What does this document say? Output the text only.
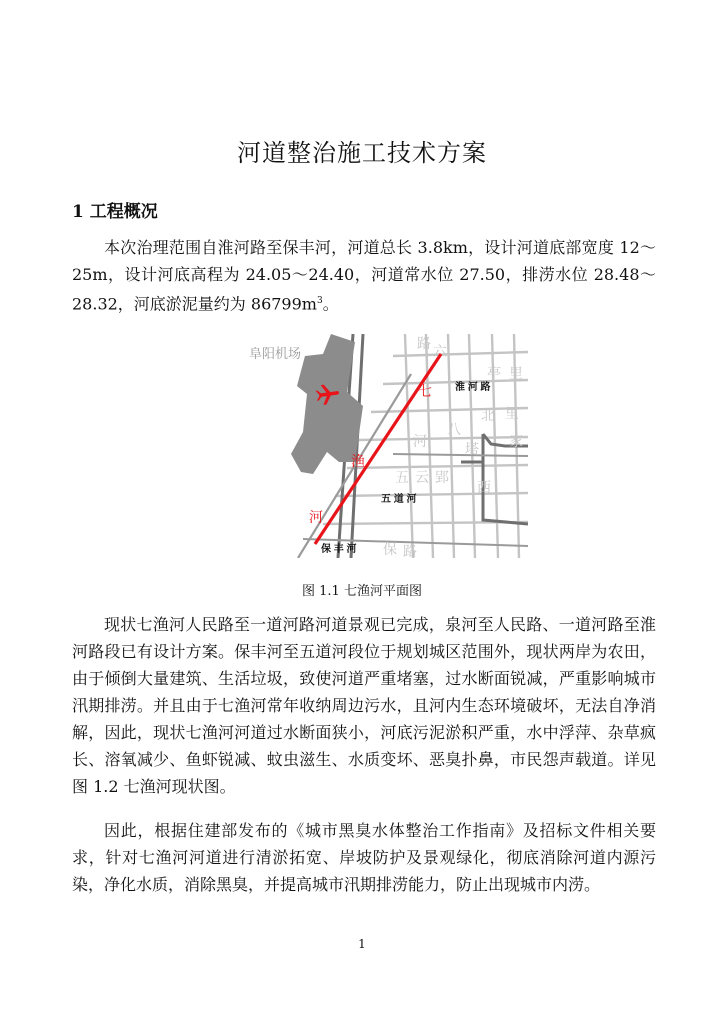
河道整治施工技术方案
1 工程概况

本次治理范围自淮河路至保丰河，河道总长 3.8km，设计河道底部宽度 12～25m，设计河底高程为 24.05～24.40，河道常水位 27.50，排涝水位 28.48～28.32，河底淤泥量约为 $86799m^3$。

阜阳机场
七
渔
河
淮 河 路
五 道 河
保 丰 河
六
里
亭
北
八
里
塔
河	家
五 云
西
郢
保
路
路
图 1.1 七渔河平面图

现状七渔河人民路至一道河路河道景观已完成，泉河至人民路、一道河路至淮河路段已有设计方案。保丰河至五道河段位于规划城区范围外，现状两岸为农田，由于倾倒大量建筑、生活垃圾，致使河道严重堵塞，过水断面锐减，严重影响城市汛期排涝。并且由于七渔河常年收纳周边污水，且河内生态环境破坏，无法自净消解，因此，现状七渔河河道过水断面狭小，河底污泥淤积严重，水中浮萍、杂草疯长、溶氧减少、鱼虾锐减、蚊虫滋生、水质变坏、恶臭扑鼻，市民怨声载道。详见图 1.2 七渔河现状图。

因此，根据住建部发布的《城市黑臭水体整治工作指南》及招标文件相关要求，针对七渔河河道进行清淤拓宽、岸坡防护及景观绿化，彻底消除河道内源污染，净化水质，消除黑臭，并提高城市汛期排涝能力，防止出现城市内涝。

1
